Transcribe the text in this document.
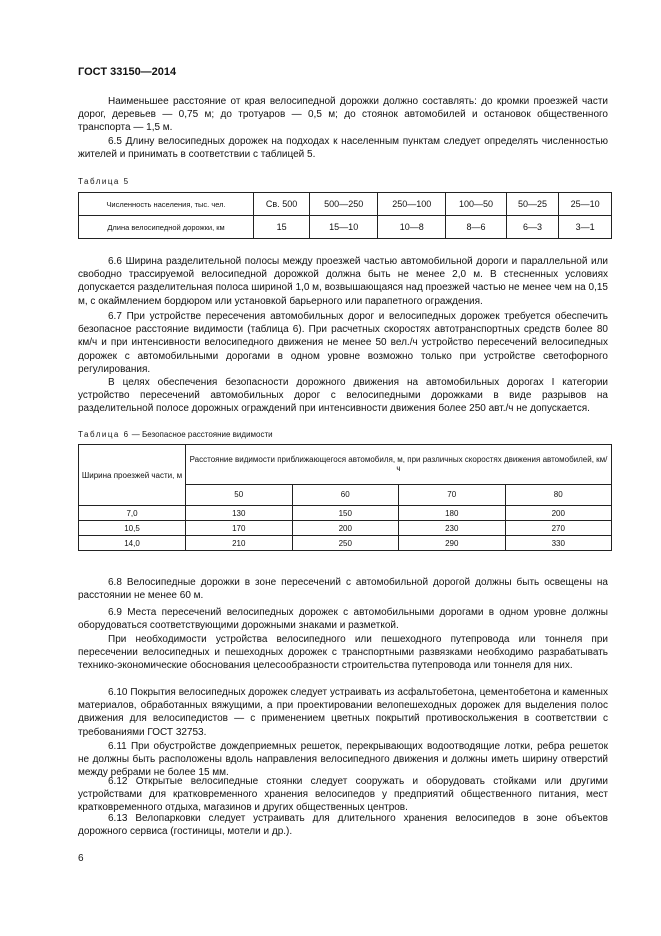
ГОСТ 33150—2014

Наименьшее расстояние от края велосипедной дорожки должно составлять: до кромки проезжей части дорог, деревьев — 0,75 м; до тротуаров — 0,5 м; до стоянок автомобилей и остановок общественного транспорта — 1,5 м.

6.5 Длину велосипедных дорожек на подходах к населенным пунктам следует определять численностью жителей и принимать в соответствии с таблицей 5.

Таблица 5
Численность населения, тыс. чел.	Св. 500	500—250	250—100	100—50	50—25	25—10
Длина велосипедной дорожки, км	15	15—10	10—8	8—6	6—3	3—1

6.6 Ширина разделительной полосы между проезжей частью автомобильной дороги и параллельной или свободно трассируемой велосипедной дорожкой должна быть не менее 2,0 м. В стесненных условиях допускается разделительная полоса шириной 1,0 м, возвышающаяся над проезжей частью не менее чем на 0,15 м, с окаймлением бордюром или установкой барьерного или парапетного ограждения.

6.7 При устройстве пересечения автомобильных дорог и велосипедных дорожек требуется обеспечить безопасное расстояние видимости (таблица 6). При расчетных скоростях автотранспортных средств более 80 км/ч и при интенсивности велосипедного движения не менее 50 вел./ч устройство пересечений велосипедных дорожек с автомобильными дорогами в одном уровне возможно только при устройстве светофорного регулирования.

В целях обеспечения безопасности дорожного движения на автомобильных дорогах I категории устройство пересечений автомобильных дорог с велосипедными дорожками в виде разрывов на разделительной полосе дорожных ограждений при интенсивности движения более 250 авт./ч не допускается.

Таблица 6 — Безопасное расстояние видимости
Ширина проезжей части, м	Расстояние видимости приближающегося автомобиля, м, при различных скоростях движения автомобилей, км/ч			
	50	60	70	80
7,0	130	150	180	200
10,5	170	200	230	270
14,0	210	250	290	330

6.8 Велосипедные дорожки в зоне пересечений с автомобильной дорогой должны быть освещены на расстоянии не менее 60 м.

6.9 Места пересечений велосипедных дорожек с автомобильными дорогами в одном уровне должны оборудоваться соответствующими дорожными знаками и разметкой.

При необходимости устройства велосипедного или пешеходного путепровода или тоннеля при пересечении велосипедных и пешеходных дорожек с транспортными развязками необходимо разрабатывать технико-экономические обоснования целесообразности строительства путепровода или тоннеля для них.

6.10 Покрытия велосипедных дорожек следует устраивать из асфальтобетона, цементобетона и каменных материалов, обработанных вяжущими, а при проектировании велопешеходных дорожек для выделения полос движения для велосипедистов — с применением цветных покрытий противоскольжения в соответствии с требованиями ГОСТ 32753.

6.11 При обустройстве дождеприемных решеток, перекрывающих водоотводящие лотки, ребра решеток не должны быть расположены вдоль направления велосипедного движения и должны иметь ширину отверстий между ребрами не более 15 мм.

6.12 Открытые велосипедные стоянки следует сооружать и оборудовать стойками или другими устройствами для кратковременного хранения велосипедов у предприятий общественного питания, мест кратковременного отдыха, магазинов и других общественных центров.

6.13 Велопарковки следует устраивать для длительного хранения велосипедов в зоне объектов дорожного сервиса (гостиницы, мотели и др.).

6
